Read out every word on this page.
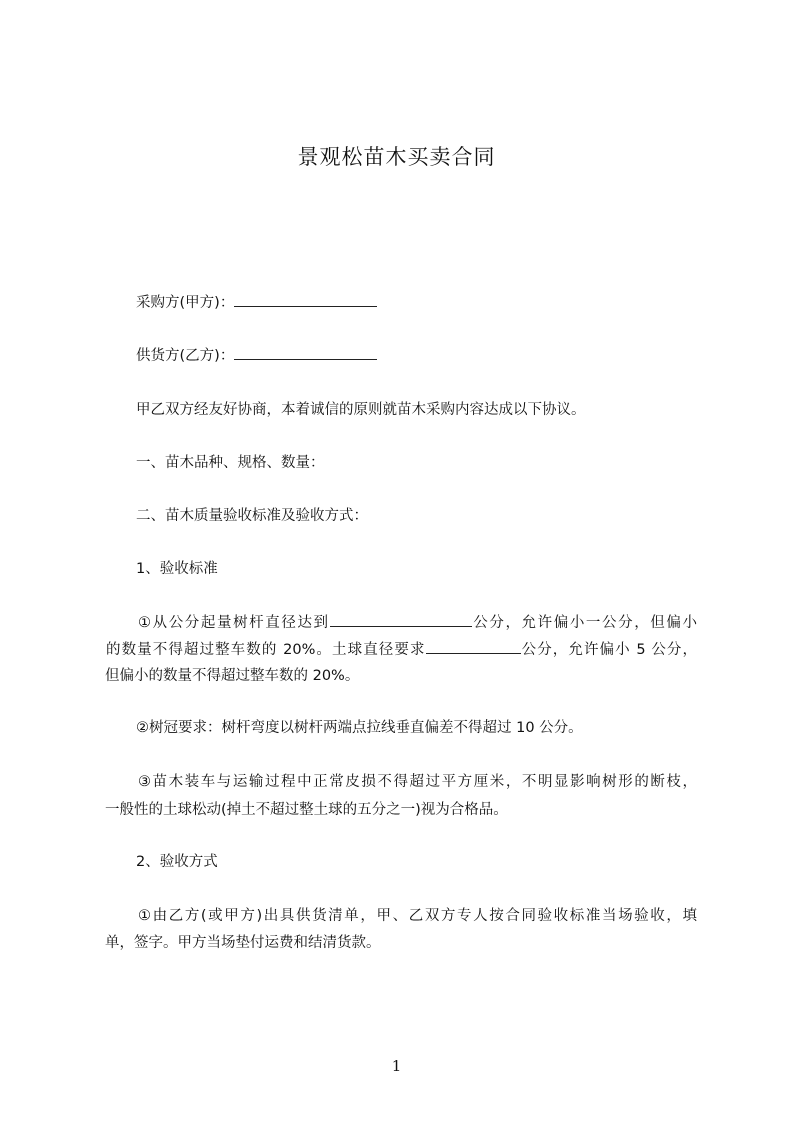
景观松苗木买卖合同
采购方(甲方)：
供货方(乙方)：
甲乙双方经友好协商，本着诚信的原则就苗木采购内容达成以下协议。
一、苗木品种、规格、数量：
二、苗木质量验收标准及验收方式：
1、验收标准
①从公分起量树杆直径达到	公分，允许偏小一公分，但偏小
的数量不得超过整车数的 20%。土球直径要求	公分，允许偏小 5 公分，
但偏小的数量不得超过整车数的 20%。
②树冠要求：树杆弯度以树杆两端点拉线垂直偏差不得超过 10 公分。
③苗木装车与运输过程中正常皮损不得超过平方厘米，不明显影响树形的断枝，
一般性的土球松动(掉土不超过整土球的五分之一)视为合格品。
2、验收方式
①由乙方(或甲方)出具供货清单，甲、乙双方专人按合同验收标准当场验收，填
单，签字。甲方当场垫付运费和结清货款。
1
